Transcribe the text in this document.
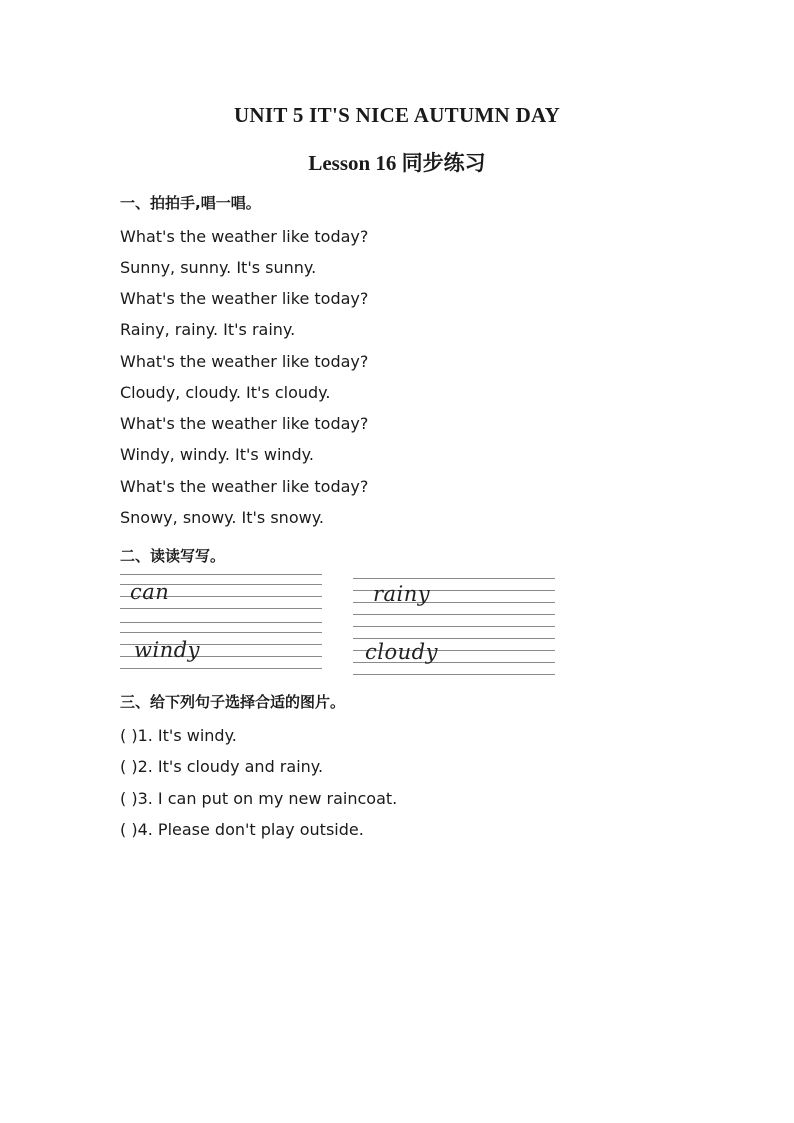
UNIT 5 IT'S NICE AUTUMN DAY
Lesson 16 同步练习

一、拍拍手,唱一唱。

What's the weather like today?

Sunny, sunny. It's sunny.

What's the weather like today?

Rainy, rainy. It's rainy.

What's the weather like today?

Cloudy, cloudy. It's cloudy.

What's the weather like today?

Windy, windy. It's windy.

What's the weather like today?

Snowy, snowy. It's snowy.

二、读读写写。

can
windy
rainy
cloudy

三、给下列句子选择合适的图片。

( )1. It's windy.

( )2. It's cloudy and rainy.

( )3. I can put on my new raincoat.

( )4. Please don't play outside.
